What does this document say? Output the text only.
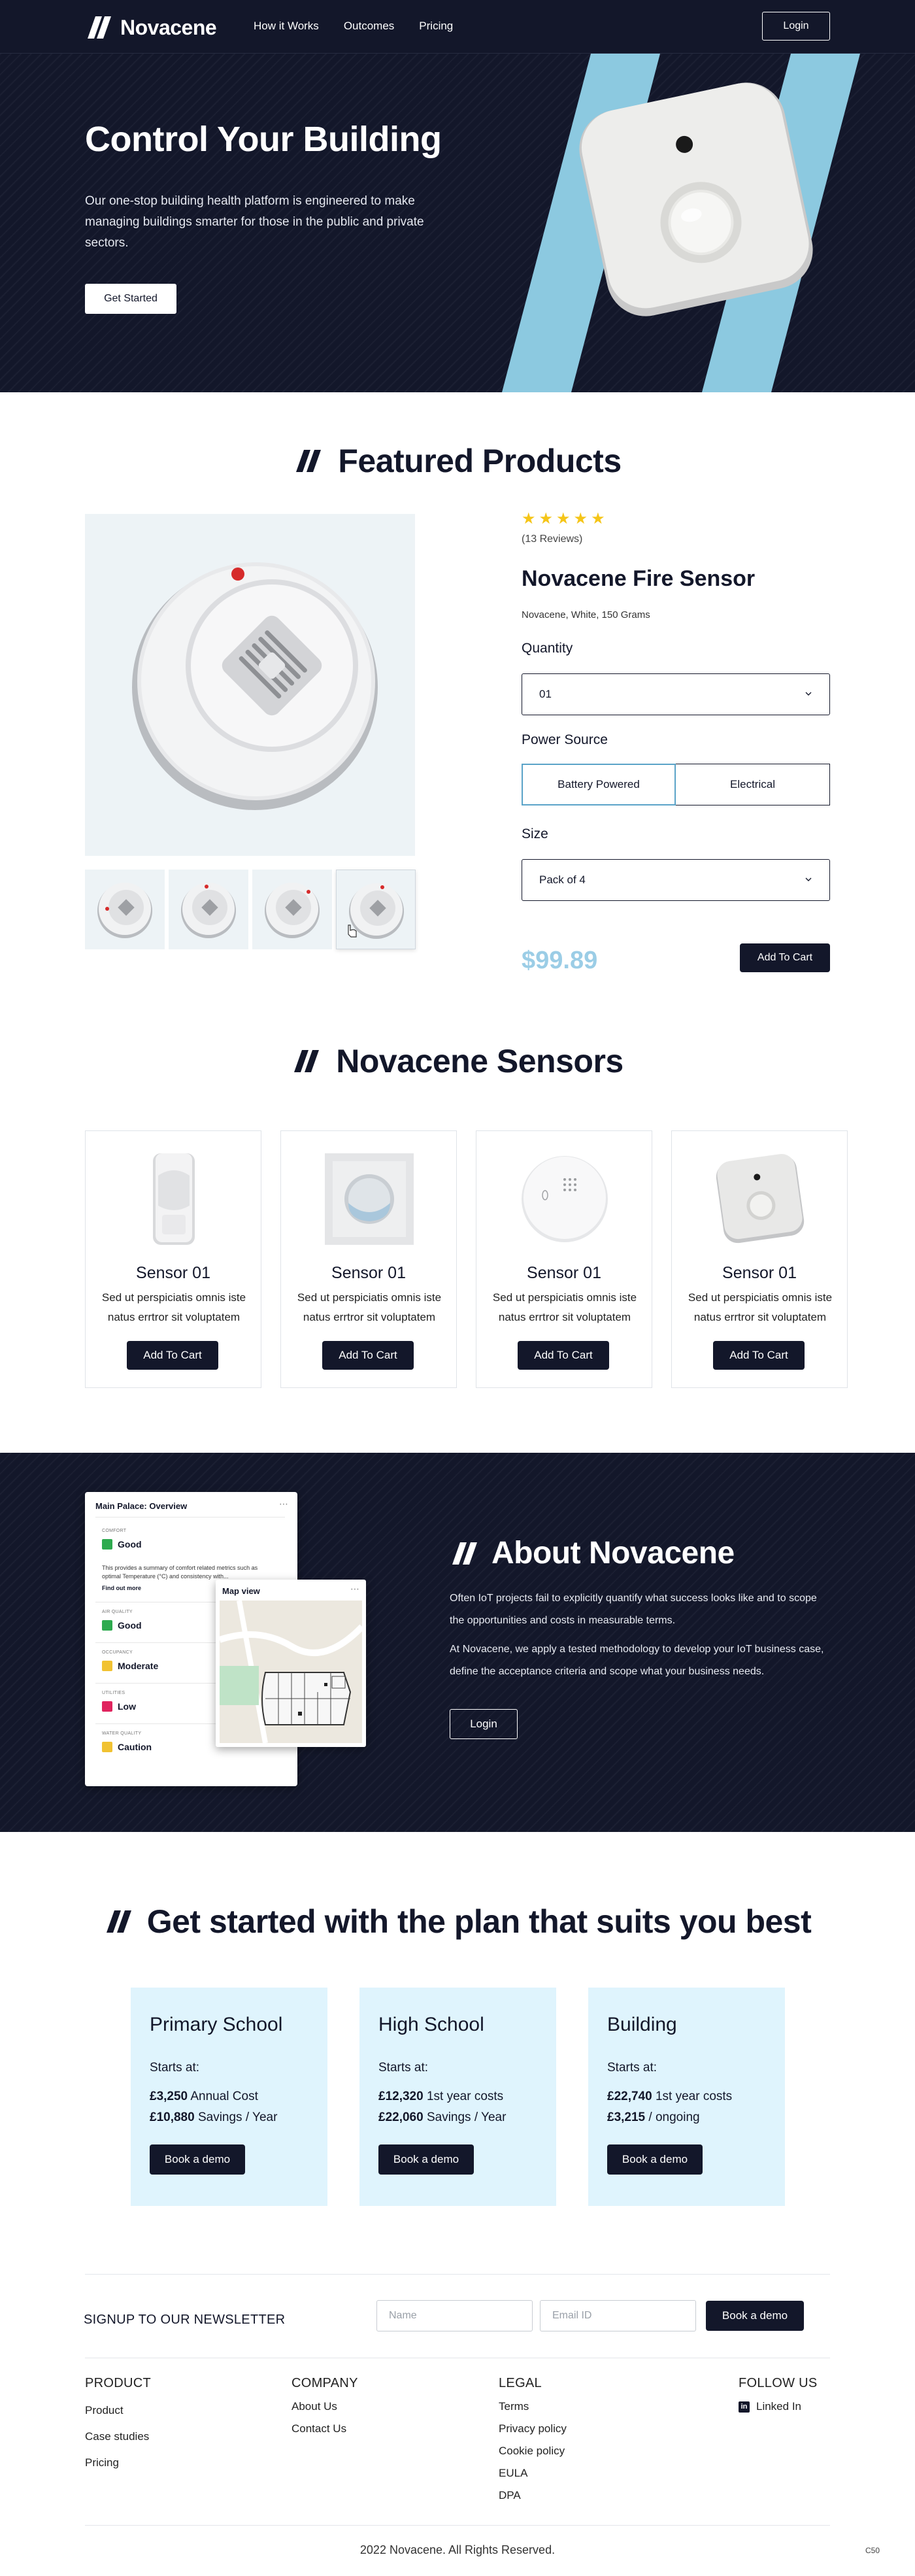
Novacene	How it Works Outcomes Pricing	Login
Control Your Building

Our one-stop building health platform is engineered to make managing buildings smarter for those in the public and private sectors.

Get Started
Featured Products
★ ★ ★ ★ ★
(13 Reviews)
Novacene Fire Sensor
Novacene, White, 150 Grams
Quantity
01
Power Source
Battery Powered	Electrical
Size
Pack of 4
$99.89	Add To Cart
Novacene Sensors
Sensor 01
Sed ut perspiciatis omnis iste natus errtror sit voluptatem
Add To Cart
Sensor 01
Sed ut perspiciatis omnis iste natus errtror sit voluptatem
Add To Cart
Sensor 01
Sed ut perspiciatis omnis iste natus errtror sit voluptatem
Add To Cart
Sensor 01
Sed ut perspiciatis omnis iste natus errtror sit voluptatem
Add To Cart
Main Palace: Overview	⋯
COMFORT
Good
This provides a summary of comfort related metrics such as optimal Temperature (°C) and consistency with...
Find out more
AIR QUALITY
Good
OCCUPANCY
Moderate
UTILITIES
Low
WATER QUALITY
Caution
Map view	⋯
About Novacene

Often IoT projects fail to explicitly quantify what success looks like and to scope the opportunities and costs in measurable terms.

At Novacene, we apply a tested methodology to develop your IoT business case, define the acceptance criteria and scope what your business needs.

Login
Get started with the plan that suits you best
Primary School
Starts at:
£3,250 Annual Cost
£10,880 Savings / Year
Book a demo
High School
Starts at:
£12,320 1st year costs
£22,060 Savings / Year
Book a demo
Building
Starts at:
£22,740 1st year costs
£3,215 / ongoing
Book a demo
SIGNUP TO OUR NEWSLETTER
Name
Email ID	Book a demo
PRODUCT
Product
Case studies
Pricing
COMPANY
About Us
Contact Us
LEGAL
Terms
Privacy policy
Cookie policy
EULA
DPA
FOLLOW US
in Linked In
2022 Novacene. All Rights Reserved.	C50
